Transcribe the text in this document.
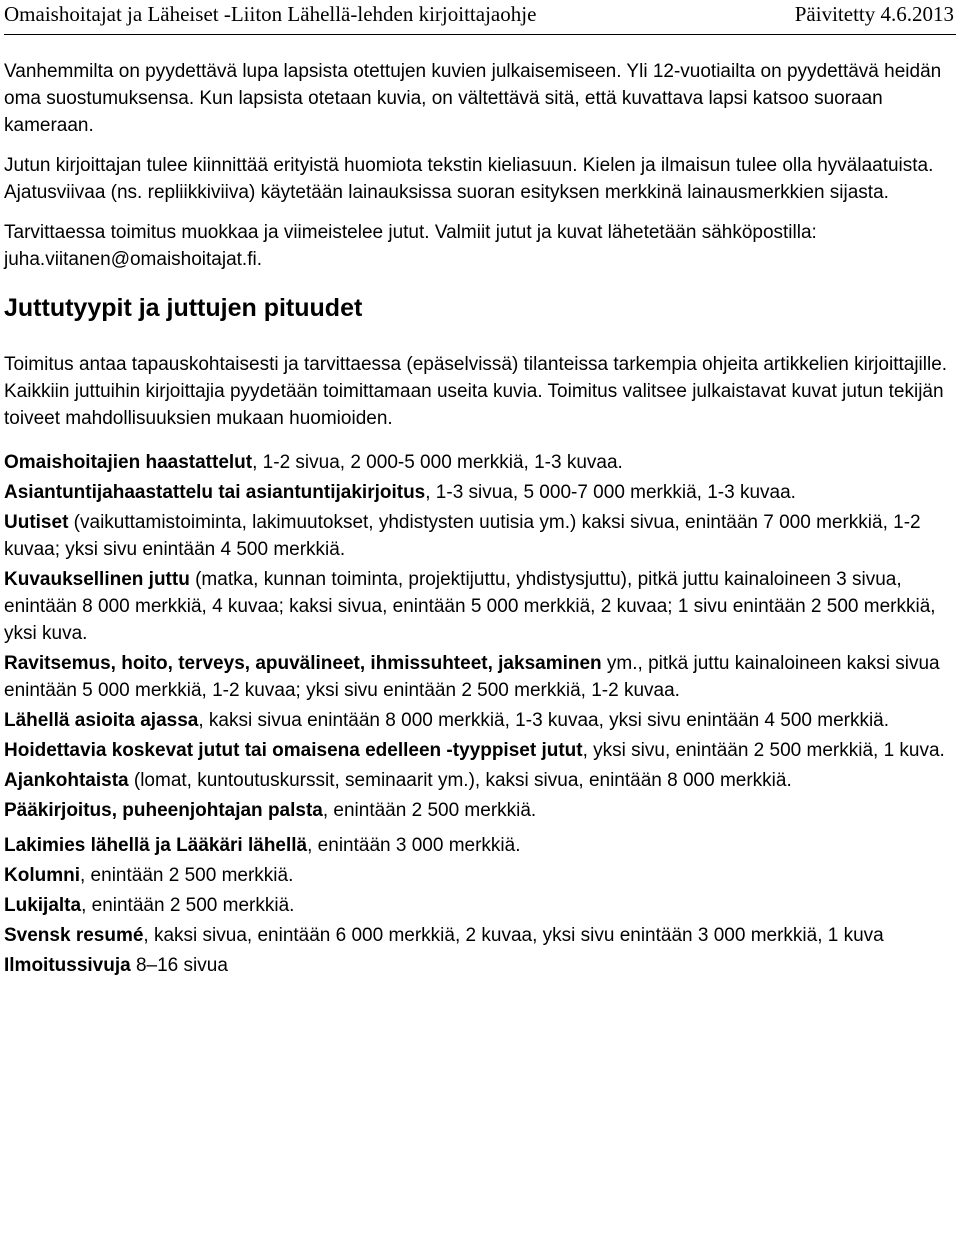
Omaishoitajat ja Läheiset -Liiton Lähellä-lehden kirjoittajaohje	Päivitetty 4.6.2013

Vanhemmilta on pyydettävä lupa lapsista otettujen kuvien julkaisemiseen. Yli 12-vuotiailta on pyydettävä heidän oma suostumuksensa. Kun lapsista otetaan kuvia, on vältettävä sitä, että kuvattava lapsi katsoo suoraan kameraan.

Jutun kirjoittajan tulee kiinnittää erityistä huomiota tekstin kieliasuun. Kielen ja ilmaisun tulee olla hyvälaatuista. Ajatusviivaa (ns. repliikkiviiva) käytetään lainauksissa suoran esityksen merkkinä lainausmerkkien sijasta.

Tarvittaessa toimitus muokkaa ja viimeistelee jutut. Valmiit jutut ja kuvat lähetetään sähköpostilla: juha.viitanen@omaishoitajat.fi.

Juttutyypit ja juttujen pituudet

Toimitus antaa tapauskohtaisesti ja tarvittaessa (epäselvissä) tilanteissa tarkempia ohjeita artikkelien kirjoittajille.

Kaikkiin juttuihin kirjoittajia pyydetään toimittamaan useita kuvia. Toimitus valitsee julkaistavat kuvat jutun tekijän toiveet mahdollisuuksien mukaan huomioiden.

Omaishoitajien haastattelut, 1-2 sivua, 2 000-5 000 merkkiä, 1-3 kuvaa.

Asiantuntijahaastattelu tai asiantuntijakirjoitus, 1-3 sivua, 5 000-7 000 merkkiä, 1-3 kuvaa.

Uutiset (vaikuttamistoiminta, lakimuutokset, yhdistysten uutisia ym.) kaksi sivua, enintään 7 000 merkkiä, 1-2 kuvaa; yksi sivu enintään 4 500 merkkiä.

Kuvauksellinen juttu (matka, kunnan toiminta, projektijuttu, yhdistysjuttu), pitkä juttu kainaloineen 3 sivua, enintään 8 000 merkkiä, 4 kuvaa; kaksi sivua, enintään 5 000 merkkiä, 2 kuvaa; 1 sivu enintään 2 500 merkkiä, yksi kuva.

Ravitsemus, hoito, terveys, apuvälineet, ihmissuhteet, jaksaminen ym., pitkä juttu kainaloineen kaksi sivua enintään 5 000 merkkiä, 1-2 kuvaa; yksi sivu enintään 2 500 merkkiä, 1-2 kuvaa.

Lähellä asioita ajassa, kaksi sivua enintään 8 000 merkkiä, 1-3 kuvaa, yksi sivu enintään 4 500 merkkiä.

Hoidettavia koskevat jutut tai omaisena edelleen -tyyppiset jutut, yksi sivu, enintään 2 500 merkkiä, 1 kuva.

Ajankohtaista (lomat, kuntoutuskurssit, seminaarit ym.), kaksi sivua, enintään 8 000 merkkiä.

Pääkirjoitus, puheenjohtajan palsta, enintään 2 500 merkkiä.

Lakimies lähellä ja Lääkäri lähellä, enintään 3 000 merkkiä.

Kolumni, enintään 2 500 merkkiä.

Lukijalta, enintään 2 500 merkkiä.

Svensk resumé, kaksi sivua, enintään 6 000 merkkiä, 2 kuvaa, yksi sivu enintään 3 000 merkkiä, 1 kuva

Ilmoitussivuja 8–16 sivua
